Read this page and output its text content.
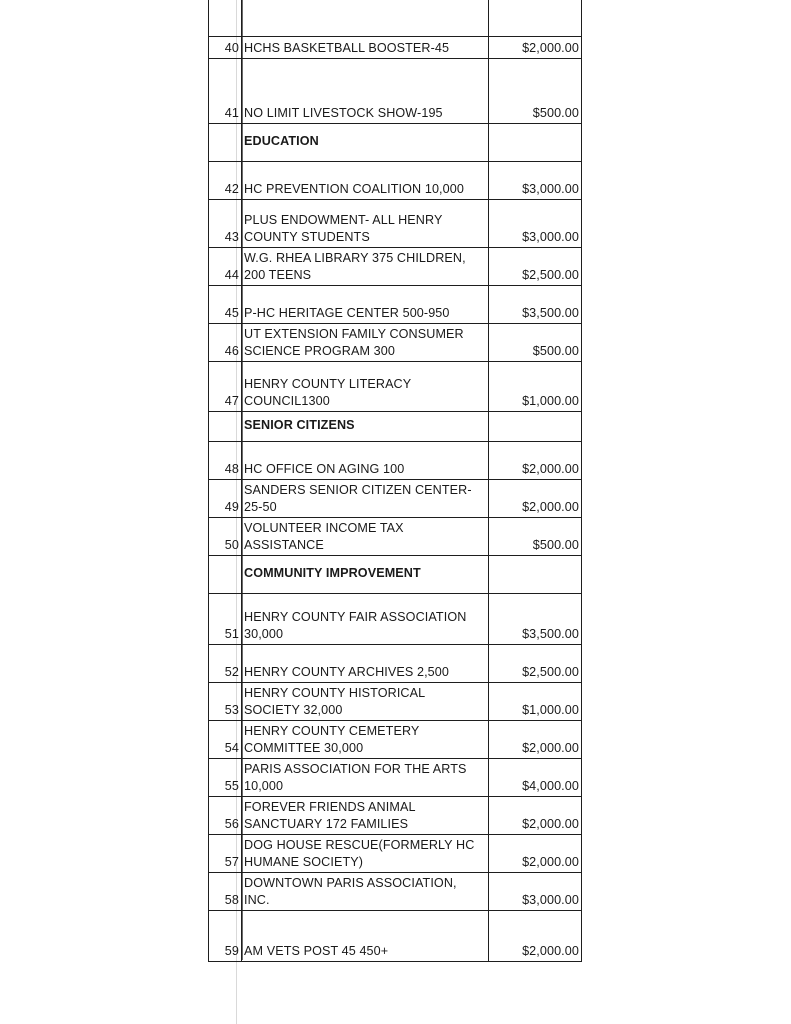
40	HCHS BASKETBALL BOOSTER-45	$2,000.00
41	NO LIMIT LIVESTOCK SHOW-195	$500.00

	EDUCATION	

42	HC PREVENTION COALITION 10,000	$3,000.00
43	PLUS ENDOWMENT- ALL HENRY
COUNTY STUDENTS	$3,000.00
44	W.G. RHEA LIBRARY 375 CHILDREN,
200 TEENS	$2,500.00
45	P-HC HERITAGE CENTER 500-950	$3,500.00
46	UT EXTENSION FAMILY CONSUMER
SCIENCE PROGRAM 300	$500.00
47	HENRY COUNTY LITERACY
COUNCIL1300	$1,000.00

	SENIOR CITIZENS	

48	HC OFFICE ON AGING 100	$2,000.00
49	SANDERS SENIOR CITIZEN CENTER-
25-50	$2,000.00
50	VOLUNTEER INCOME TAX
ASSISTANCE	$500.00

	COMMUNITY IMPROVEMENT	

51	HENRY COUNTY FAIR ASSOCIATION
30,000	$3,500.00
52	HENRY COUNTY ARCHIVES 2,500	$2,500.00
53	HENRY COUNTY HISTORICAL
SOCIETY 32,000	$1,000.00
54	HENRY COUNTY CEMETERY
COMMITTEE 30,000	$2,000.00
55	PARIS ASSOCIATION FOR THE ARTS
10,000	$4,000.00
56	FOREVER FRIENDS ANIMAL
SANCTUARY 172 FAMILIES	$2,000.00
57	DOG HOUSE RESCUE(FORMERLY HC
HUMANE SOCIETY)	$2,000.00
58	DOWNTOWN PARIS ASSOCIATION,
INC.	$3,000.00
59	AM VETS POST 45 450+	$2,000.00
